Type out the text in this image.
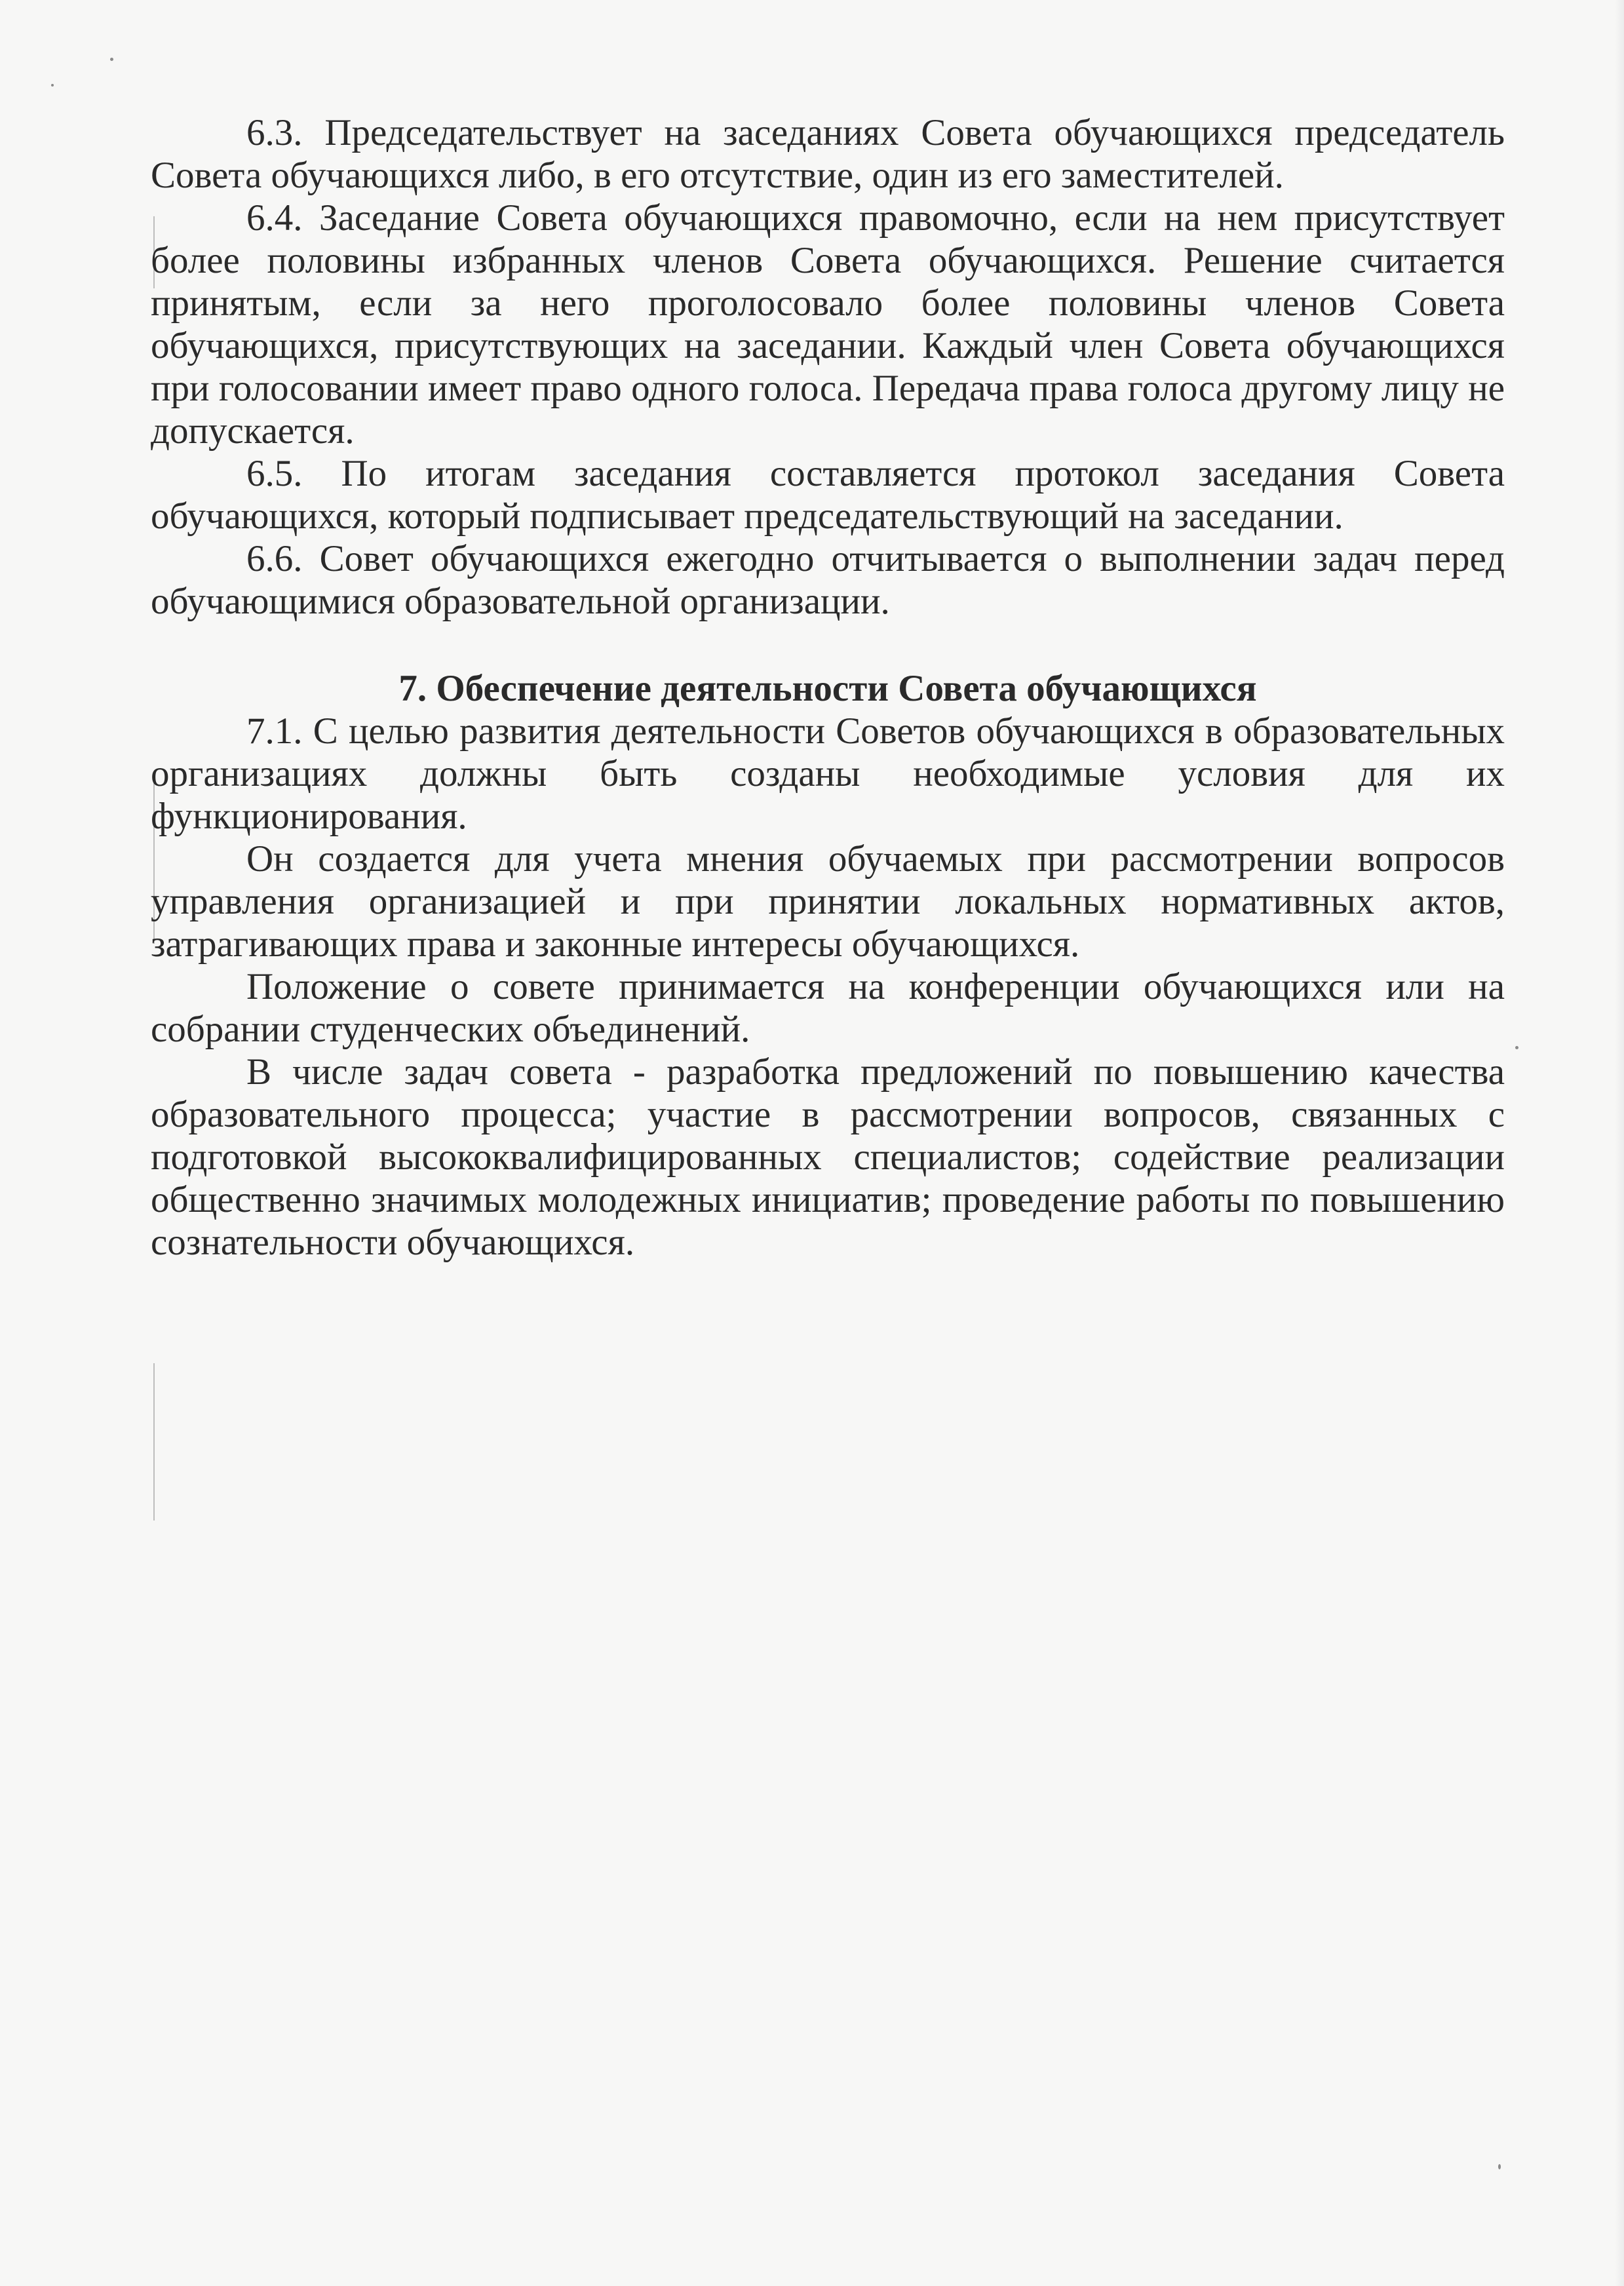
6.3. Председательствует на заседаниях Совета обучающихся председатель Совета обучающихся либо, в его отсутствие, один из его заместителей.

6.4. Заседание Совета обучающихся правомочно, если на нем присутствует более половины избранных членов Совета обучающихся. Решение считается принятым, если за него проголосовало более половины членов Совета обучающихся, присутствующих на заседании. Каждый член Совета обучающихся при голосовании имеет право одного голоса. Передача права голоса другому лицу не допускается.

6.5. По итогам заседания составляется протокол заседания Совета обучающихся, который подписывает председательствующий на заседании.

6.6. Совет обучающихся ежегодно отчитывается о выполнении задач перед обучающимися образовательной организации.

7. Обеспечение деятельности Совета обучающихся

7.1. С целью развития деятельности Советов обучающихся в образовательных организациях должны быть созданы необходимые условия для их функционирования.

Он создается для учета мнения обучаемых при рассмотрении вопросов управления организацией и при принятии локальных нормативных актов, затрагивающих права и законные интересы обучающихся.

Положение о совете принимается на конференции обучающихся или на собрании студенческих объединений.

В числе задач совета - разработка предложений по повышению качества образовательного процесса; участие в рассмотрении вопросов, связанных с подготовкой высококвалифицированных специалистов; содействие реализации общественно значимых молодежных инициатив; проведение работы по повышению сознательности обучающихся.
